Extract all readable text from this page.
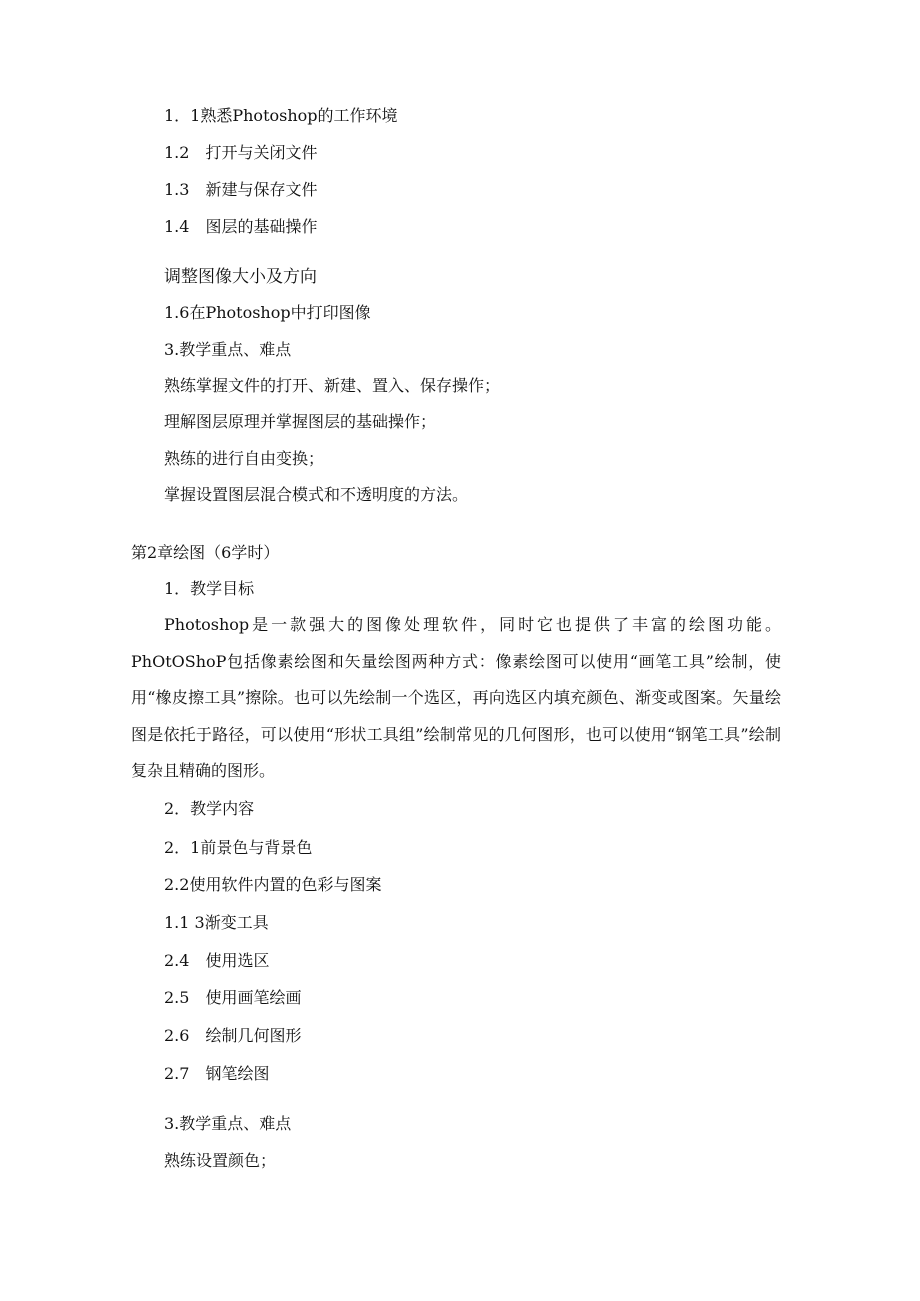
1．1熟悉Photoshop的工作环境

1.2　打开与关闭文件

1.3　新建与保存文件

1.4　图层的基础操作

调整图像大小及方向

1.6在Photoshop中打印图像

3.教学重点、难点

熟练掌握文件的打开、新建、置入、保存操作；

理解图层原理并掌握图层的基础操作；

熟练的进行自由变换；

掌握设置图层混合模式和不透明度的方法。

第2章绘图（6学时）

1．教学目标

Photoshop是一款强大的图像处理软件，同时它也提供了丰富的绘图功能。PhOtOShoP包括像素绘图和矢量绘图两种方式：像素绘图可以使用“画笔工具”绘制，使用“橡皮擦工具”擦除。也可以先绘制一个选区，再向选区内填充颜色、渐变或图案。矢量绘图是依托于路径，可以使用“形状工具组”绘制常见的几何图形，也可以使用“钢笔工具”绘制复杂且精确的图形。

2．教学内容

2．1前景色与背景色

2.2使用软件内置的色彩与图案

1.1 3渐变工具

2.4　使用选区

2.5　使用画笔绘画

2.6　绘制几何图形

2.7　钢笔绘图

3.教学重点、难点

熟练设置颜色；
